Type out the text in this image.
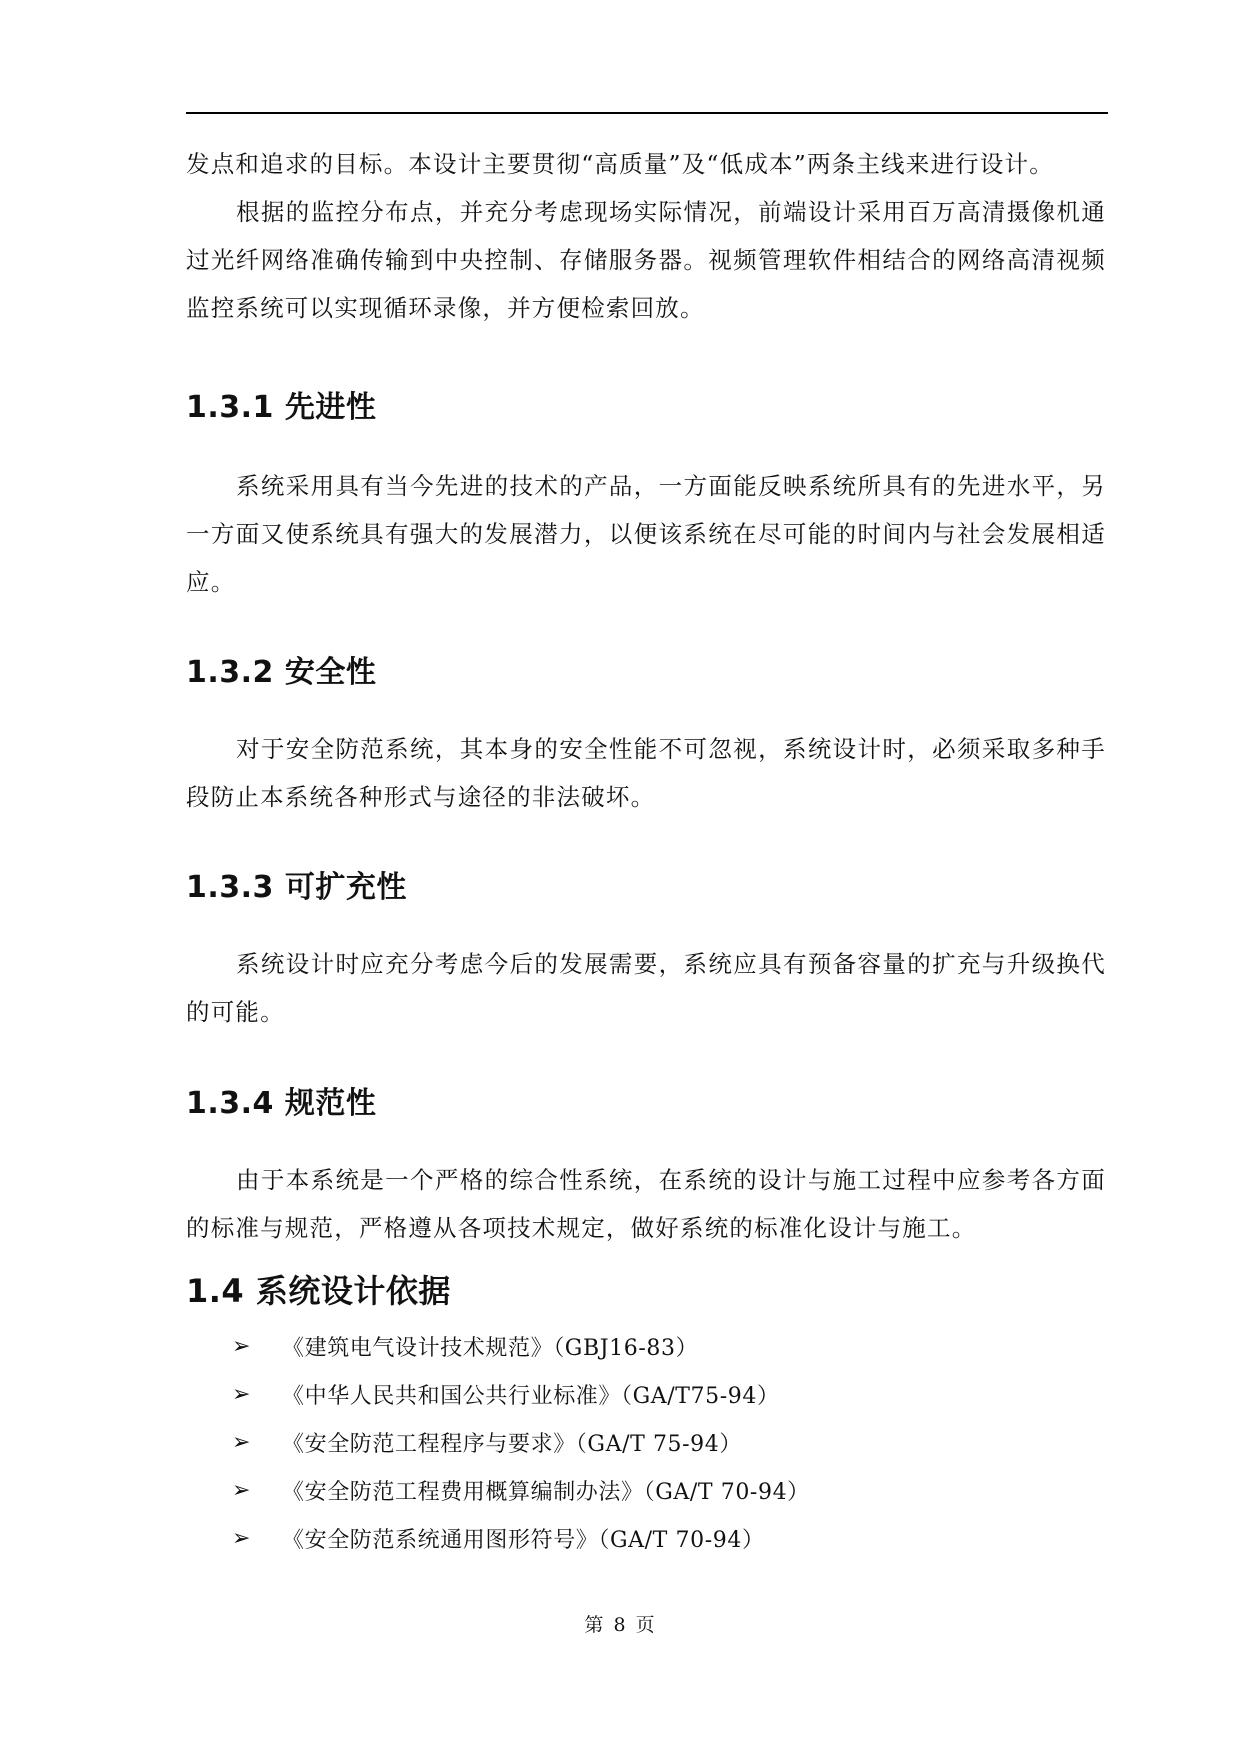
发点和追求的目标。本设计主要贯彻“高质量”及“低成本”两条主线来进行设计。

根据的监控分布点，并充分考虑现场实际情况，前端设计采用百万高清摄像机通过光纤网络准确传输到中央控制、存储服务器。视频管理软件相结合的网络高清视频监控系统可以实现循环录像，并方便检索回放。

1.3.1 先进性

系统采用具有当今先进的技术的产品，一方面能反映系统所具有的先进水平，另一方面又使系统具有强大的发展潜力，以便该系统在尽可能的时间内与社会发展相适应。

1.3.2 安全性

对于安全防范系统，其本身的安全性能不可忽视，系统设计时，必须采取多种手段防止本系统各种形式与途径的非法破坏。

1.3.3 可扩充性

系统设计时应充分考虑今后的发展需要，系统应具有预备容量的扩充与升级换代的可能。

1.3.4 规范性

由于本系统是一个严格的综合性系统，在系统的设计与施工过程中应参考各方面的标准与规范，严格遵从各项技术规定，做好系统的标准化设计与施工。

1.4 系统设计依据
➢	《建筑电气设计技术规范》（GBJ16-83）
➢	《中华人民共和国公共行业标准》（GA/T75-94）
➢	《安全防范工程程序与要求》（GA/T 75-94）
➢	《安全防范工程费用概算编制办法》（GA/T 70-94）
➢	《安全防范系统通用图形符号》（GA/T 70-94）
第 8 页
